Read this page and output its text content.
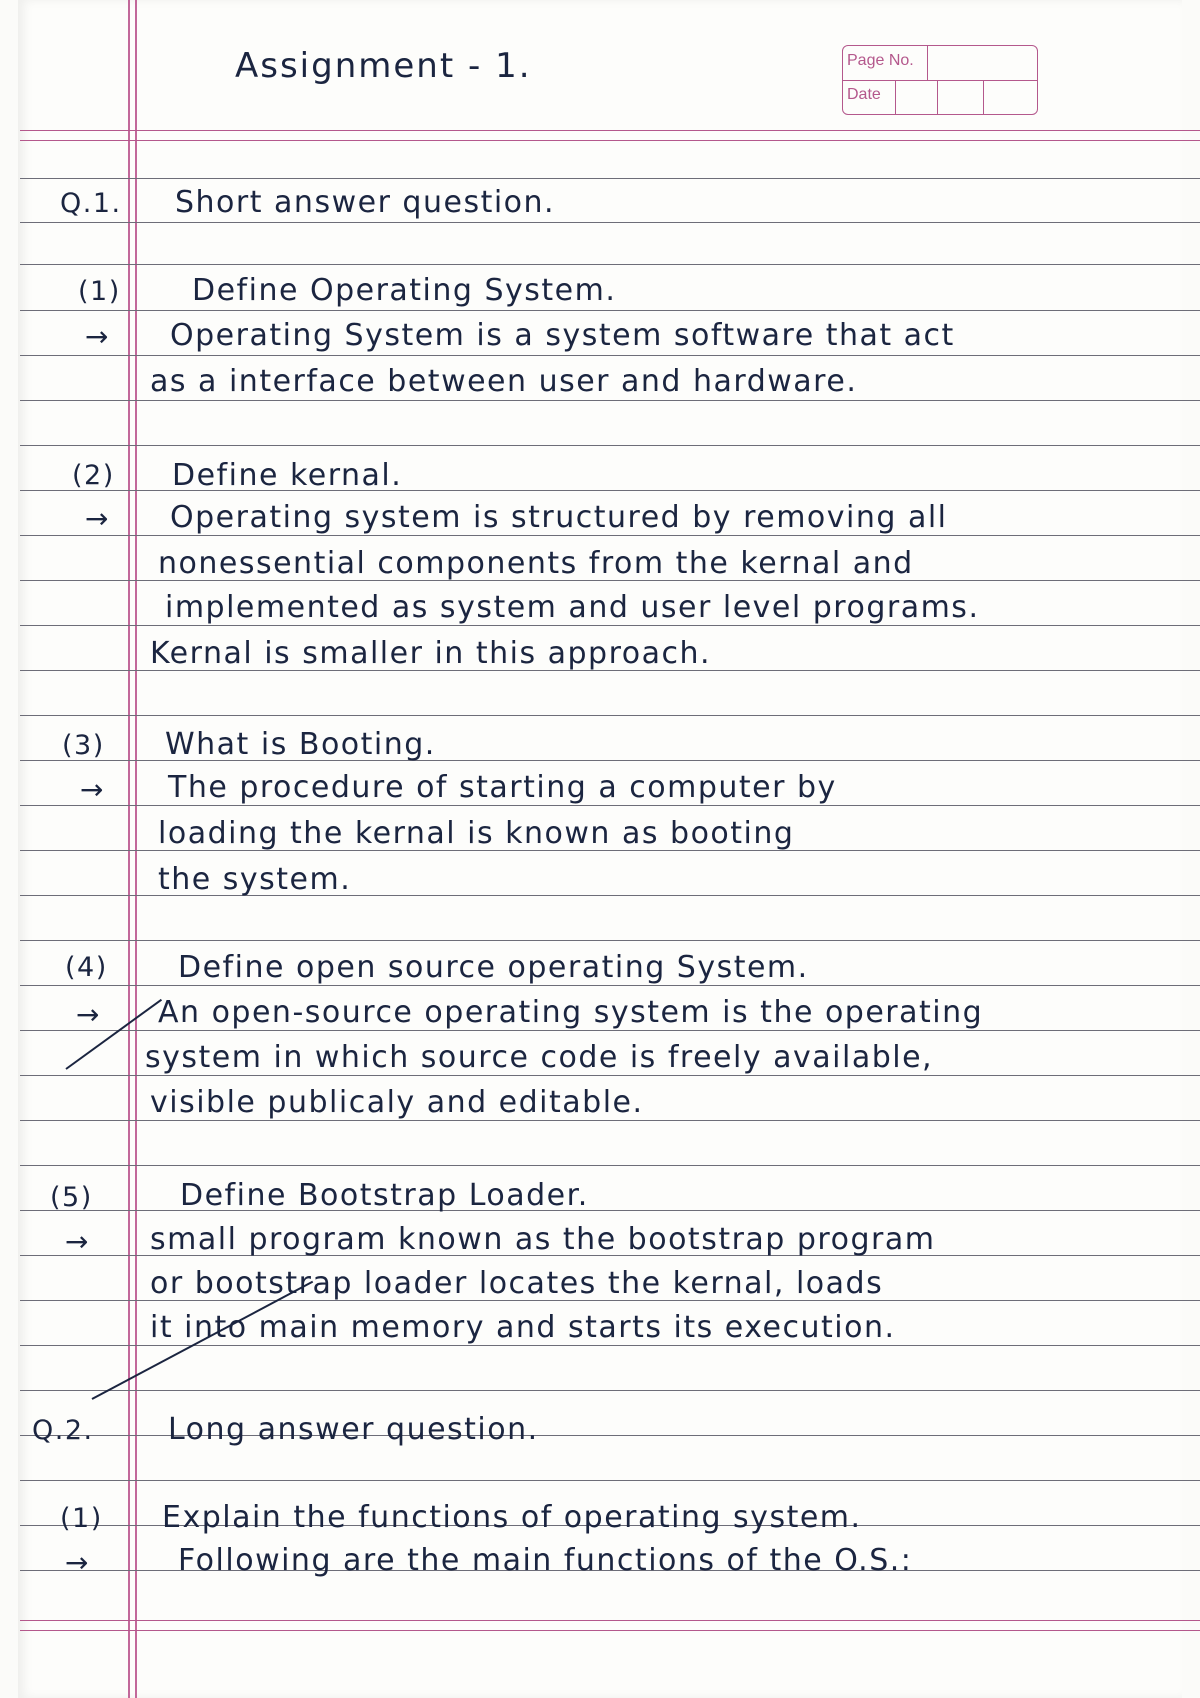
Assignment - 1.	Page No.
Date
Q.1. Short answer question.
(1) Define Operating System.
→ Operating System is a system software that act
as a interface between user and hardware.
(2) Define kernal.
→ Operating system is structured by removing all
nonessential components from the kernal and
implemented as system and user level programs.
Kernal is smaller in this approach.
(3) What is Booting.
→ The procedure of starting a computer by
loading the kernal is known as booting
the system.
(4) Define open source operating System.
→ An open-source operating system is the operating
system in which source code is freely available,
visible publicaly and editable.
(5)	Define Bootstrap Loader.
→ small program known as the bootstrap program
or bootstrap loader locates the kernal, loads
it into main memory and starts its execution.
Q.2. Long answer question.
(1) Explain the functions of operating system.
→	Following are the main functions of the O.S.:
